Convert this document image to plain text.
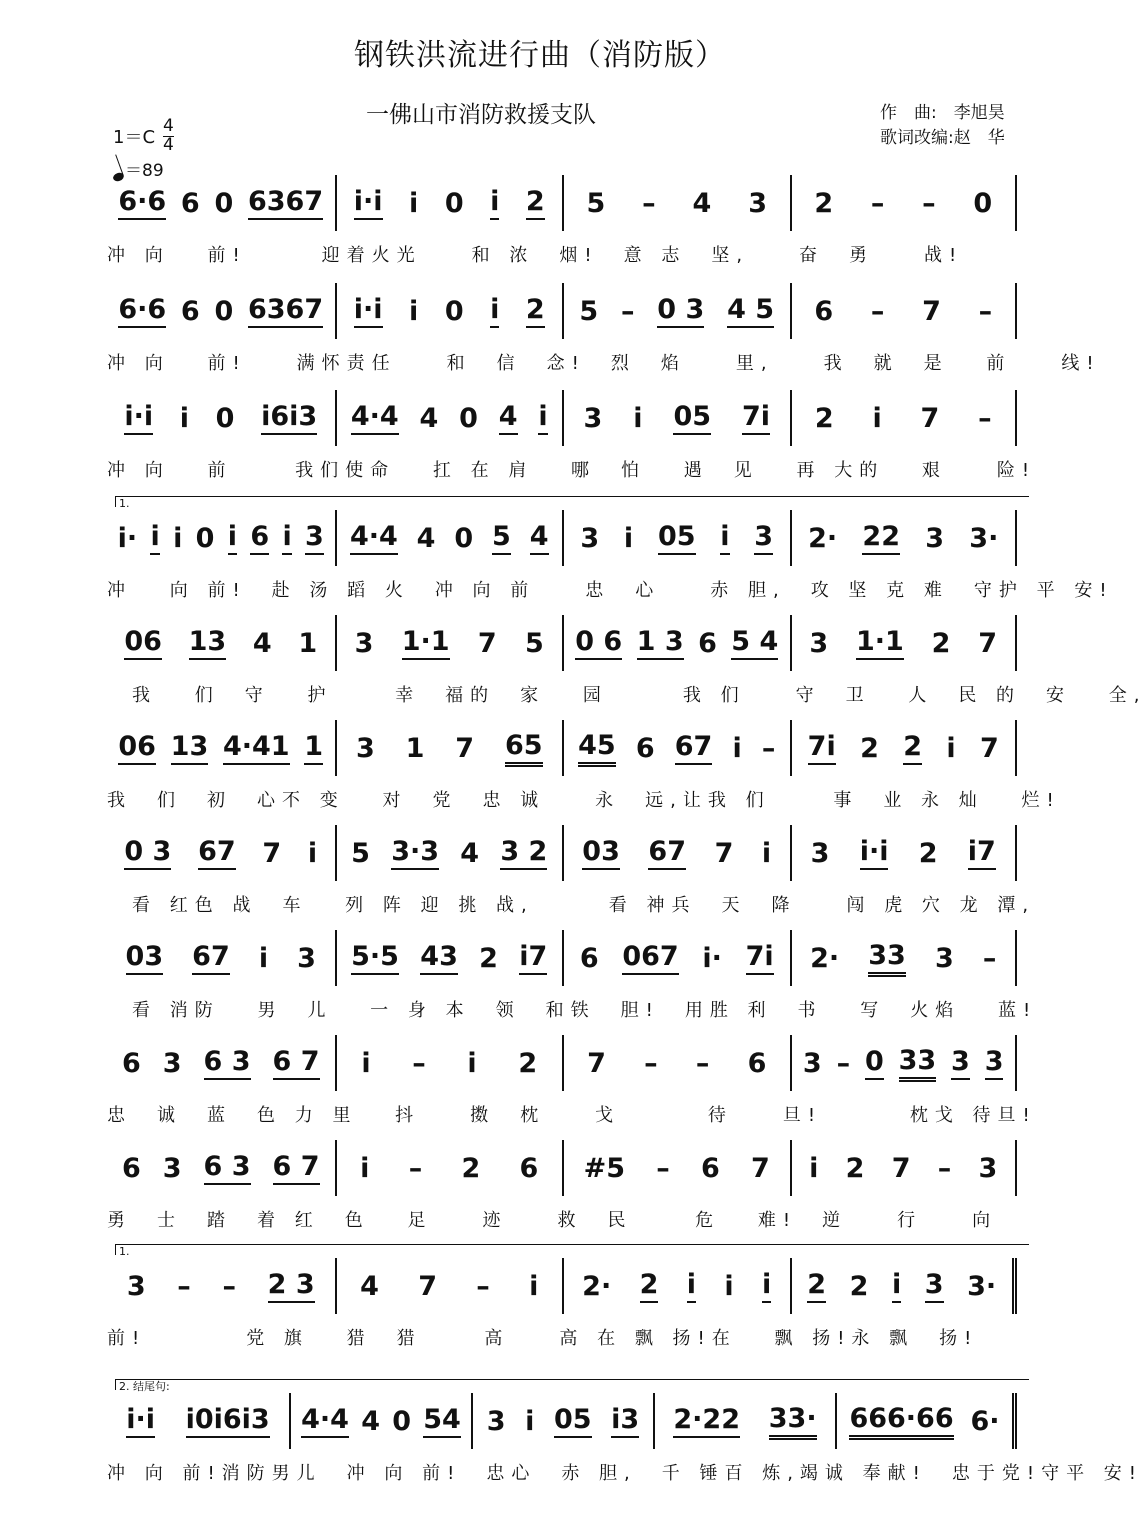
钢铁洪流进行曲（消防版）
一佛山市消防救援支队	作　曲:　李旭昊
歌词改编:赵　华
$1=C \frac{4}{4}$
＝89
6·6 6 0 6367 i·i i 0 i 2 5 – 4 3 2 – – 0
冲 向　 前!　　　迎着火光　　和 浓　烟!　意 志　坚,　　奋　勇　　战!
6·6 6 0 6367 i·i i 0 i 2 5 – 0 3 4 5 6 – 7 –
冲 向　 前!　　满怀责任　　和　信　念!　烈　焰　　里,　　我　就　是　 前　　线!
i·i i 0 i6i3 4·4 4 0 4 i 3 i 05 7i 2 i 7 –
冲 向　 前　　 我们使命　 扛 在 肩　 哪　怕　 遇　见　 再 大的　 艰　　险!
1.
i· i i 0 i 6 i 3 4·4 4 0 5 4 3 i 05 i 3 2· 22 3 3·
冲　 向 前!　赴 汤 蹈 火　冲 向 前　　忠　心　　赤 胆,　攻 坚 克 难　守护 平 安!
06 13 4 1 3 1·1 7 5 0 6 1 3 6 5 4 3 1·1 2 7
　我　 们　守　 护　 　幸　福的　家　 园　　　我 们　　守　卫　 人　民 的　安　 全,
06 13 4·41 1 3 1 7 65 45 6 67 i – 7i 2 2 i 7
我　们　初　心不 变　 对　党　忠 诚　　永　远,让我 们　　 事　业 永 灿　 烂!
0 3 67 7 i 5 3·3 4 3 2 03 67 7 i 3 i·i 2 i7
　看 红色 战　车　 列 阵 迎 挑 战,　　　看 神兵　天　降　　闯 虎 穴 龙 潭,
03 67 i 3 5·5 43 2 i7 6 067 i· 7i 2· 33 3 –
　看 消防　 男　儿　 一 身 本　领　和铁　胆!　用胜 利　书　 写　火焰　 蓝!
6 3 6 3 6 7 i – i 2 7 – – 6 3 – 0 33 3 3
忠　诚　蓝　色 力 里　 抖　　擞　枕　　戈　　　 待　　旦!　　　 枕戈 待旦!
6 3 6 3 6 7 i – 2 6 #5 – 6 7 i 2 7 – 3
勇　士　踏　着 红　色　 足　　迹　　救　民　　 危　 难!　逆　　行　　向
1.
3 – – 2 3 4 7 – i 2· 2 i i i 2 2 i 3 3·
前!　　　　党 旗　 猎　猎　　 高　　高 在 飘 扬!在　 飘 扬!永 飘　扬!
2. 结尾句:
i·i i0i6i3 4·4 4 0 54 3 i 05 i3 2·22 33· 666·66 6·
冲 向 前!消防男儿　冲 向 前!　忠心　赤 胆,　千 锤百 炼,竭诚 奉献!　忠于党!守平 安!
